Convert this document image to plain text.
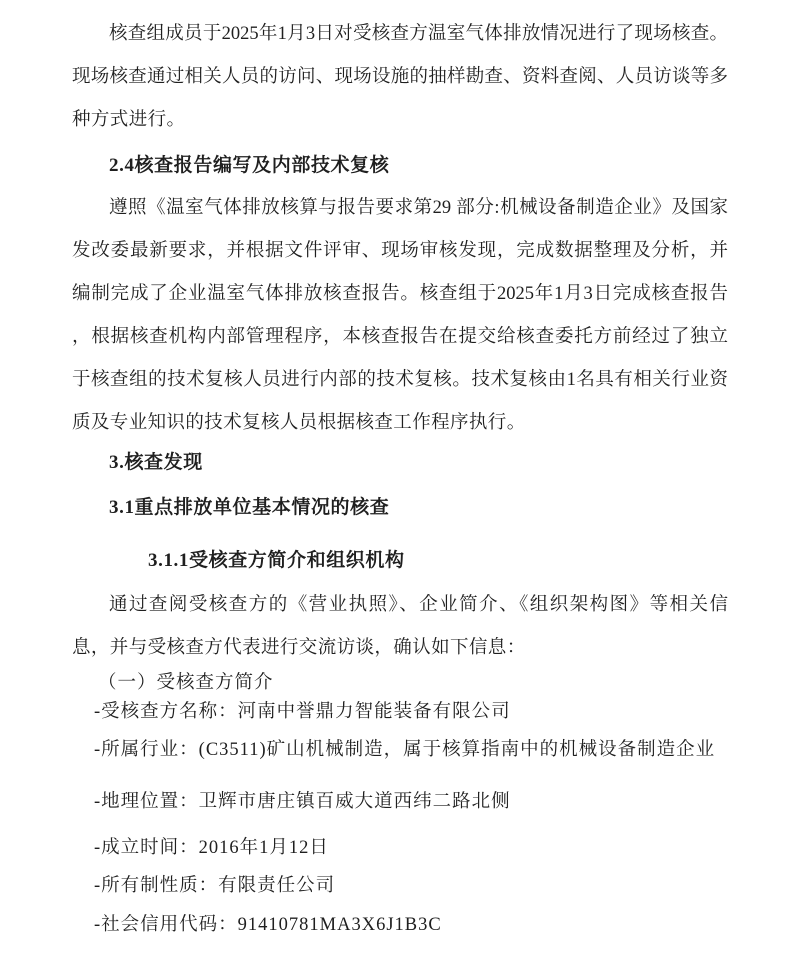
核查组成员于2025年1月3日对受核查方温室气体排放情况进行了现场核查。
现场核查通过相关人员的访问、现场设施的抽样勘查、资料查阅、人员访谈等多
种方式进行。
2.4核查报告编写及内部技术复核
遵照《温室气体排放核算与报告要求第29 部分:机械设备制造企业》及国家
发改委最新要求，并根据文件评审、现场审核发现，完成数据整理及分析，并
编制完成了企业温室气体排放核查报告。核查组于2025年1月3日完成核查报告
，根据核查机构内部管理程序，本核查报告在提交给核查委托方前经过了独立
于核查组的技术复核人员进行内部的技术复核。技术复核由1名具有相关行业资
质及专业知识的技术复核人员根据核查工作程序执行。
3.核查发现
3.1重点排放单位基本情况的核查
3.1.1受核查方简介和组织机构
通过查阅受核查方的《营业执照》、企业简介、《组织架构图》等相关信
息，并与受核查方代表进行交流访谈，确认如下信息：
（一）受核查方简介
-受核查方名称：河南中誉鼎力智能装备有限公司
-所属行业：(C3511)矿山机械制造，属于核算指南中的机械设备制造企业
-地理位置：卫辉市唐庄镇百威大道西纬二路北侧
-成立时间：2016年1月12日
-所有制性质：有限责任公司
-社会信用代码：91410781MA3X6J1B3C
